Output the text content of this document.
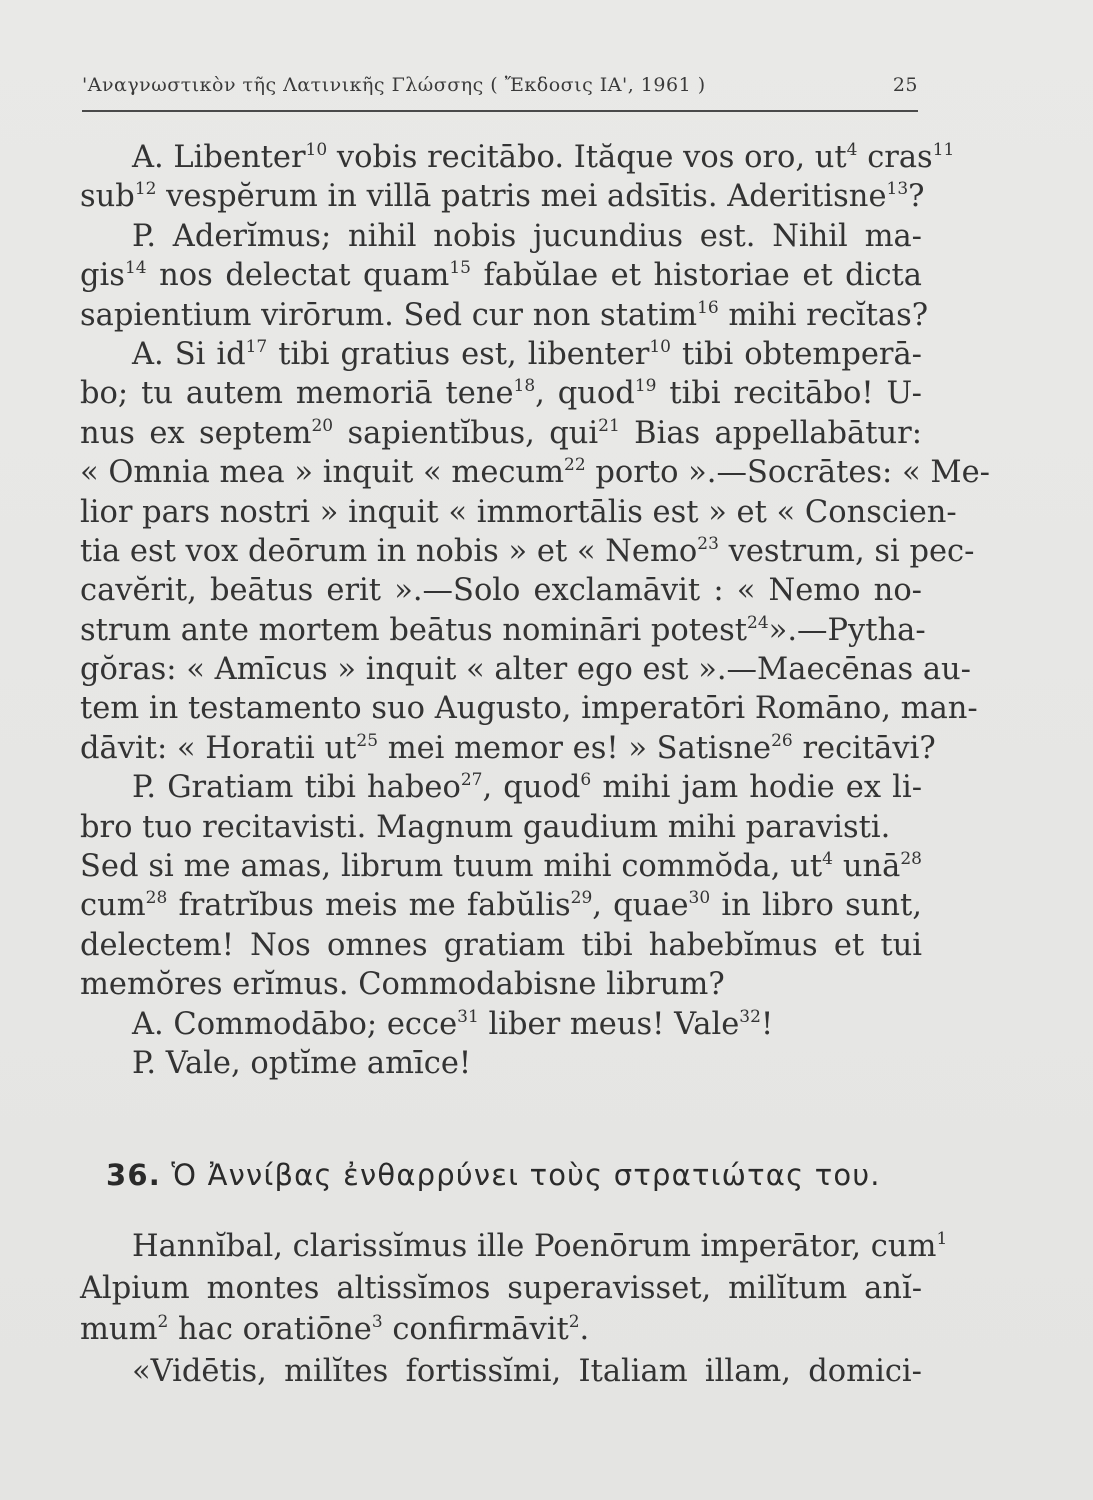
'Αναγνωστικὸν τῆς Λατινικῆς Γλώσσης ( Ἔκδοσις ΙΑ', 1961 )	25
A. Libenter$^{10}$ vobis recitābo. Ităque vos oro, $ut^4$ cras$^{11}$
sub$^{12}$ vespĕrum in villā patris mei adsītis. Aderitisne$^{13}$?
P. Aderĭmus; nihil nobis jucundius est. Nihil ma-
gis$^{14}$ nos delectat quam$^{15}$ fabŭlae et historiae et dicta
sapientium virōrum. Sed cur non statim$^{16}$ mihi recĭtas?
A. Si $id^{17}$ tibi gratius est, libenter$^{10}$ tibi obtemperā-
bo; tu autem memoriā tene$^{18}$, quod$^{19}$ tibi recitābo! U-
nus ex septem$^{20}$ sapientĭbus, qui$^{21}$ Bias appellabātur:
« Omnia mea » inquit « mecum$^{22}$ porto ».—Socrātes: « Me-
lior pars nostri » inquit « immortālis est » et « Conscien-
tia est vox deōrum in nobis » et « Nemo$^{23}$ vestrum, si pec-
cavĕrit, beātus erit ».—Solo exclamāvit : « Nemo no-
strum ante mortem beātus nomināri potest$^{24}$».—Pytha-
gŏras: « Amīcus » inquit « alter ego est ».—Maecēnas au-
tem in testamento suo Augusto, imperatōri Romāno, man-
dāvit: « Horatii $ut^{25}$ mei memor es! » Satisne$^{26}$ recitāvi?
P. Gratiam tibi habeo$^{27}$, quod$^6$ mihi jam hodie ex li-
bro tuo recitavisti. Magnum gaudium mihi paravisti.
Sed si me amas, librum tuum mihi commŏda, $ut^4$ unā$^{28}$
cum$^{28}$ fratrĭbus meis me fabŭlis$^{29}$, quae$^{30}$ in libro sunt,
delectem! Nos omnes gratiam tibi habebĭmus et tui
memŏres erĭmus. Commodabisne librum?
A. Commodābo; ecce$^{31}$ liber meus! Vale$^{32}$!
P. Vale, optĭme amīce!
36. Ὁ Ἀννίβας ἐνθαρρύνει τοὺς στρατιώτας του.
Hannĭbal, clarissĭmus ille Poenōrum imperātor, cum$^1$
Alpium montes altissĭmos superavisset, milĭtum anĭ-
mum$^2$ hac oratiōne$^3$ confirmāvit$^2$.
«Vidētis, milĭtes fortissĭmi, Italiam illam, domici-
